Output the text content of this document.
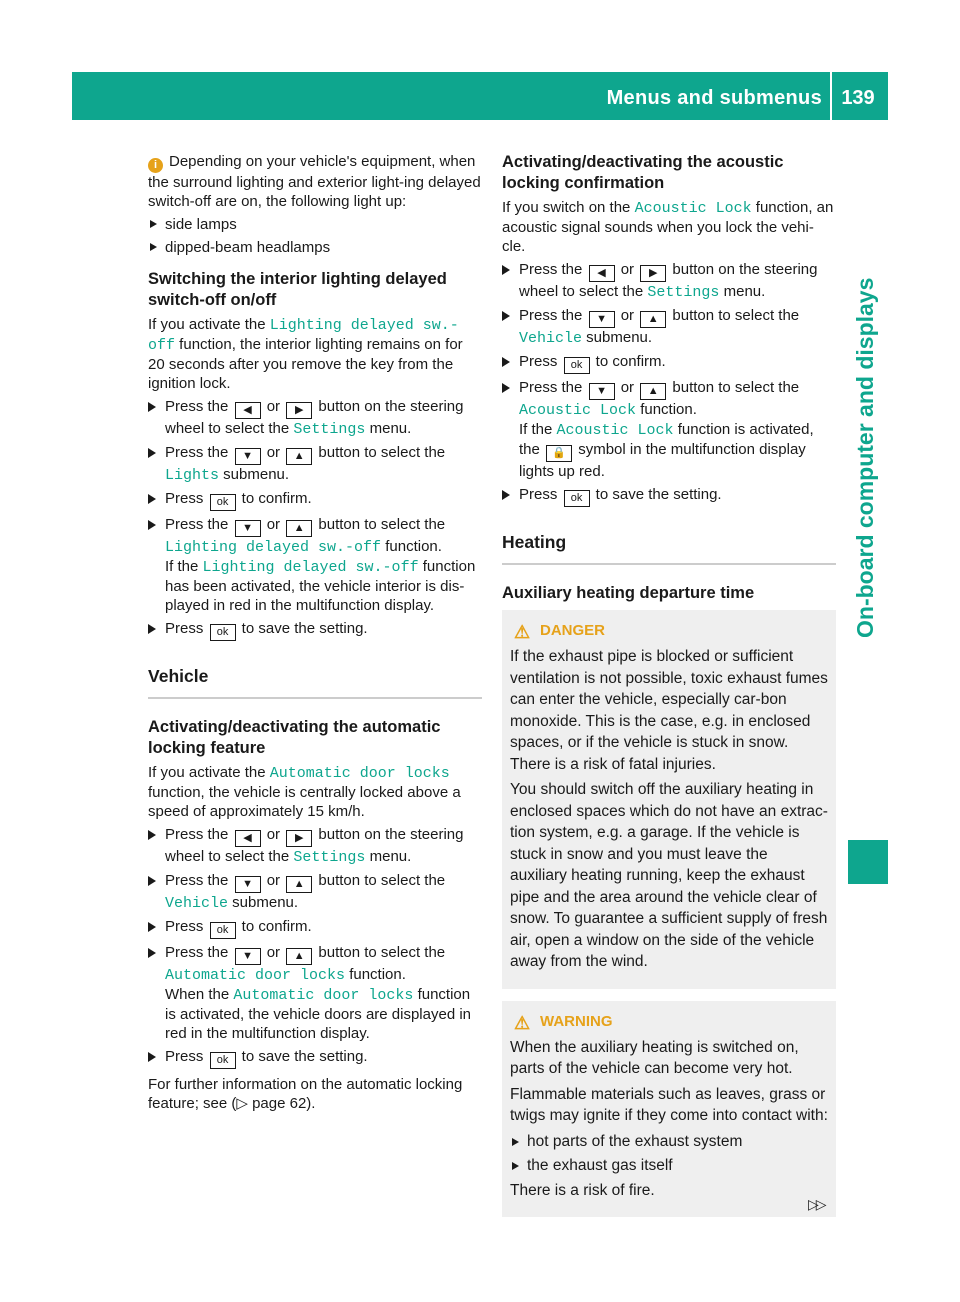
Menus and submenus 139
On-board computer and displays

i Depending on your vehicle's equipment, when the surround lighting and exterior light-ing delayed switch-off are on, the following light up:

side lamps
dipped-beam headlamps

Switching the interior lighting delayed switch-off on/off

If you activate the Lighting delayed sw.-off function, the interior lighting remains on for 20 seconds after you remove the key from the ignition lock.

Press the ◀ or ▶ button on the steering wheel to select the Settings menu.
Press the ▼ or ▲ button to select the Lights submenu.
Press ok to confirm.
Press the ▼ or ▲ button to select the Lighting delayed sw.-off function.
If the Lighting delayed sw.-off function has been activated, the vehicle interior is dis-played in red in the multifunction display.
Press ok to save the setting.

Vehicle

Activating/deactivating the automatic locking feature

If you activate the Automatic door locks function, the vehicle is centrally locked above a speed of approximately 15 km/h.

Press the ◀ or ▶ button on the steering wheel to select the Settings menu.
Press the ▼ or ▲ button to select the Vehicle submenu.
Press ok to confirm.
Press the ▼ or ▲ button to select the Automatic door locks function.
When the Automatic door locks function is activated, the vehicle doors are displayed in red in the multifunction display.
Press ok to save the setting.

For further information on the automatic locking feature; see (▷ page 62).

Activating/deactivating the acoustic locking confirmation

If you switch on the Acoustic Lock function, an acoustic signal sounds when you lock the vehi-cle.

Press the ◀ or ▶ button on the steering wheel to select the Settings menu.
Press the ▼ or ▲ button to select the Vehicle submenu.
Press ok to confirm.
Press the ▼ or ▲ button to select the Acoustic Lock function.
If the Acoustic Lock function is activated, the 🔒 symbol in the multifunction display lights up red.
Press ok to save the setting.

Heating

Auxiliary heating departure time

⚠ DANGER

If the exhaust pipe is blocked or sufficient ventilation is not possible, toxic exhaust fumes can enter the vehicle, especially car-bon monoxide. This is the case, e.g. in enclosed spaces, or if the vehicle is stuck in snow. There is a risk of fatal injuries.

You should switch off the auxiliary heating in enclosed spaces which do not have an extrac-tion system, e.g. a garage. If the vehicle is stuck in snow and you must leave the auxiliary heating running, keep the exhaust pipe and the area around the vehicle clear of snow. To guarantee a sufficient supply of fresh air, open a window on the side of the vehicle away from the wind.

⚠ WARNING

When the auxiliary heating is switched on, parts of the vehicle can become very hot.

Flammable materials such as leaves, grass or twigs may ignite if they come into contact with:

hot parts of the exhaust system
the exhaust gas itself

There is a risk of fire.

▷▷
